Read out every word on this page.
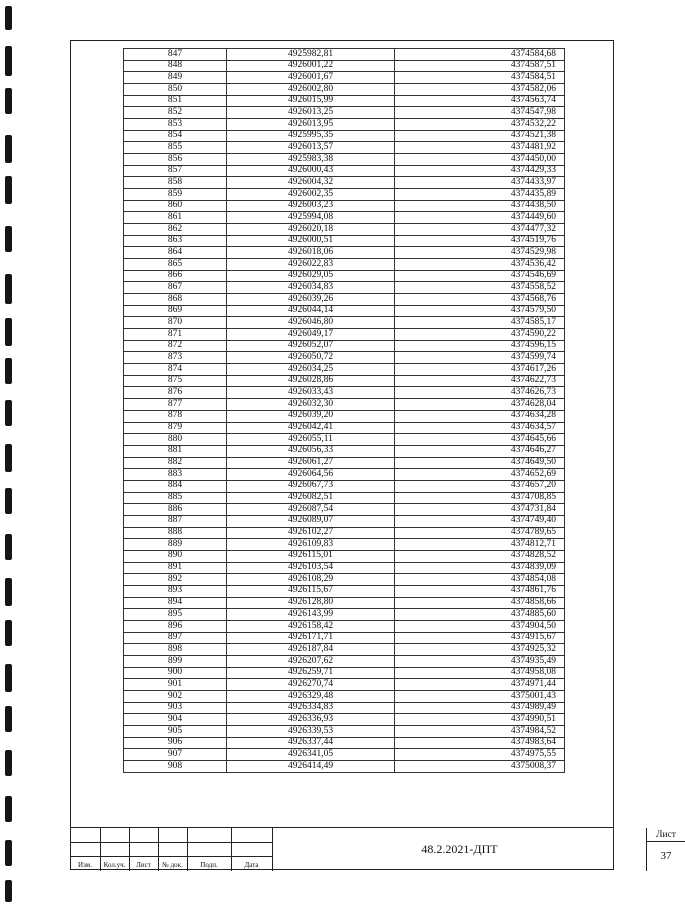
847	4925982,81	4374584,68
848	4926001,22	4374587,51
849	4926001,67	4374584,51
850	4926002,80	4374582,06
851	4926015,99	4374563,74
852	4926013,25	4374547,98
853	4926013,95	4374532,22
854	4925995,35	4374521,38
855	4926013,57	4374481,92
856	4925983,38	4374450,00
857	4926000,43	4374429,33
858	4926004,32	4374433,97
859	4926002,35	4374435,89
860	4926003,23	4374438,50
861	4925994,08	4374449,60
862	4926020,18	4374477,32
863	4926000,51	4374519,76
864	4926018,06	4374529,98
865	4926022,83	4374536,42
866	4926029,05	4374546,69
867	4926034,83	4374558,52
868	4926039,26	4374568,76
869	4926044,14	4374579,50
870	4926046,80	4374585,17
871	4926049,17	4374590,22
872	4926052,07	4374596,15
873	4926050,72	4374599,74
874	4926034,25	4374617,26
875	4926028,86	4374622,73
876	4926033,43	4374626,73
877	4926032,30	4374628,04
878	4926039,20	4374634,28
879	4926042,41	4374634,57
880	4926055,11	4374645,66
881	4926056,33	4374646,27
882	4926061,27	4374649,50
883	4926064,56	4374652,69
884	4926067,73	4374657,20
885	4926082,51	4374708,85
886	4926087,54	4374731,84
887	4926089,07	4374749,40
888	4926102,27	4374789,65
889	4926109,83	4374812,71
890	4926115,01	4374828,52
891	4926103,54	4374839,09
892	4926108,29	4374854,08
893	4926115,67	4374861,76
894	4926128,80	4374858,66
895	4926143,99	4374885,60
896	4926158,42	4374904,50
897	4926171,71	4374915,67
898	4926187,84	4374925,32
899	4926207,62	4374935,49
900	4926259,71	4374958,08
901	4926270,74	4374971,44
902	4926329,48	4375001,43
903	4926334,83	4374989,49
904	4926336,93	4374990,51
905	4926339,53	4374984,52
906	4926337,44	4374983,64
907	4926341,05	4374975,55
908	4926414,49	4375008,37
Изм.	Кол.уч.	Лист	№ док.	Подп.	Дата
48.2.2021-ДПТ
Лист
37
